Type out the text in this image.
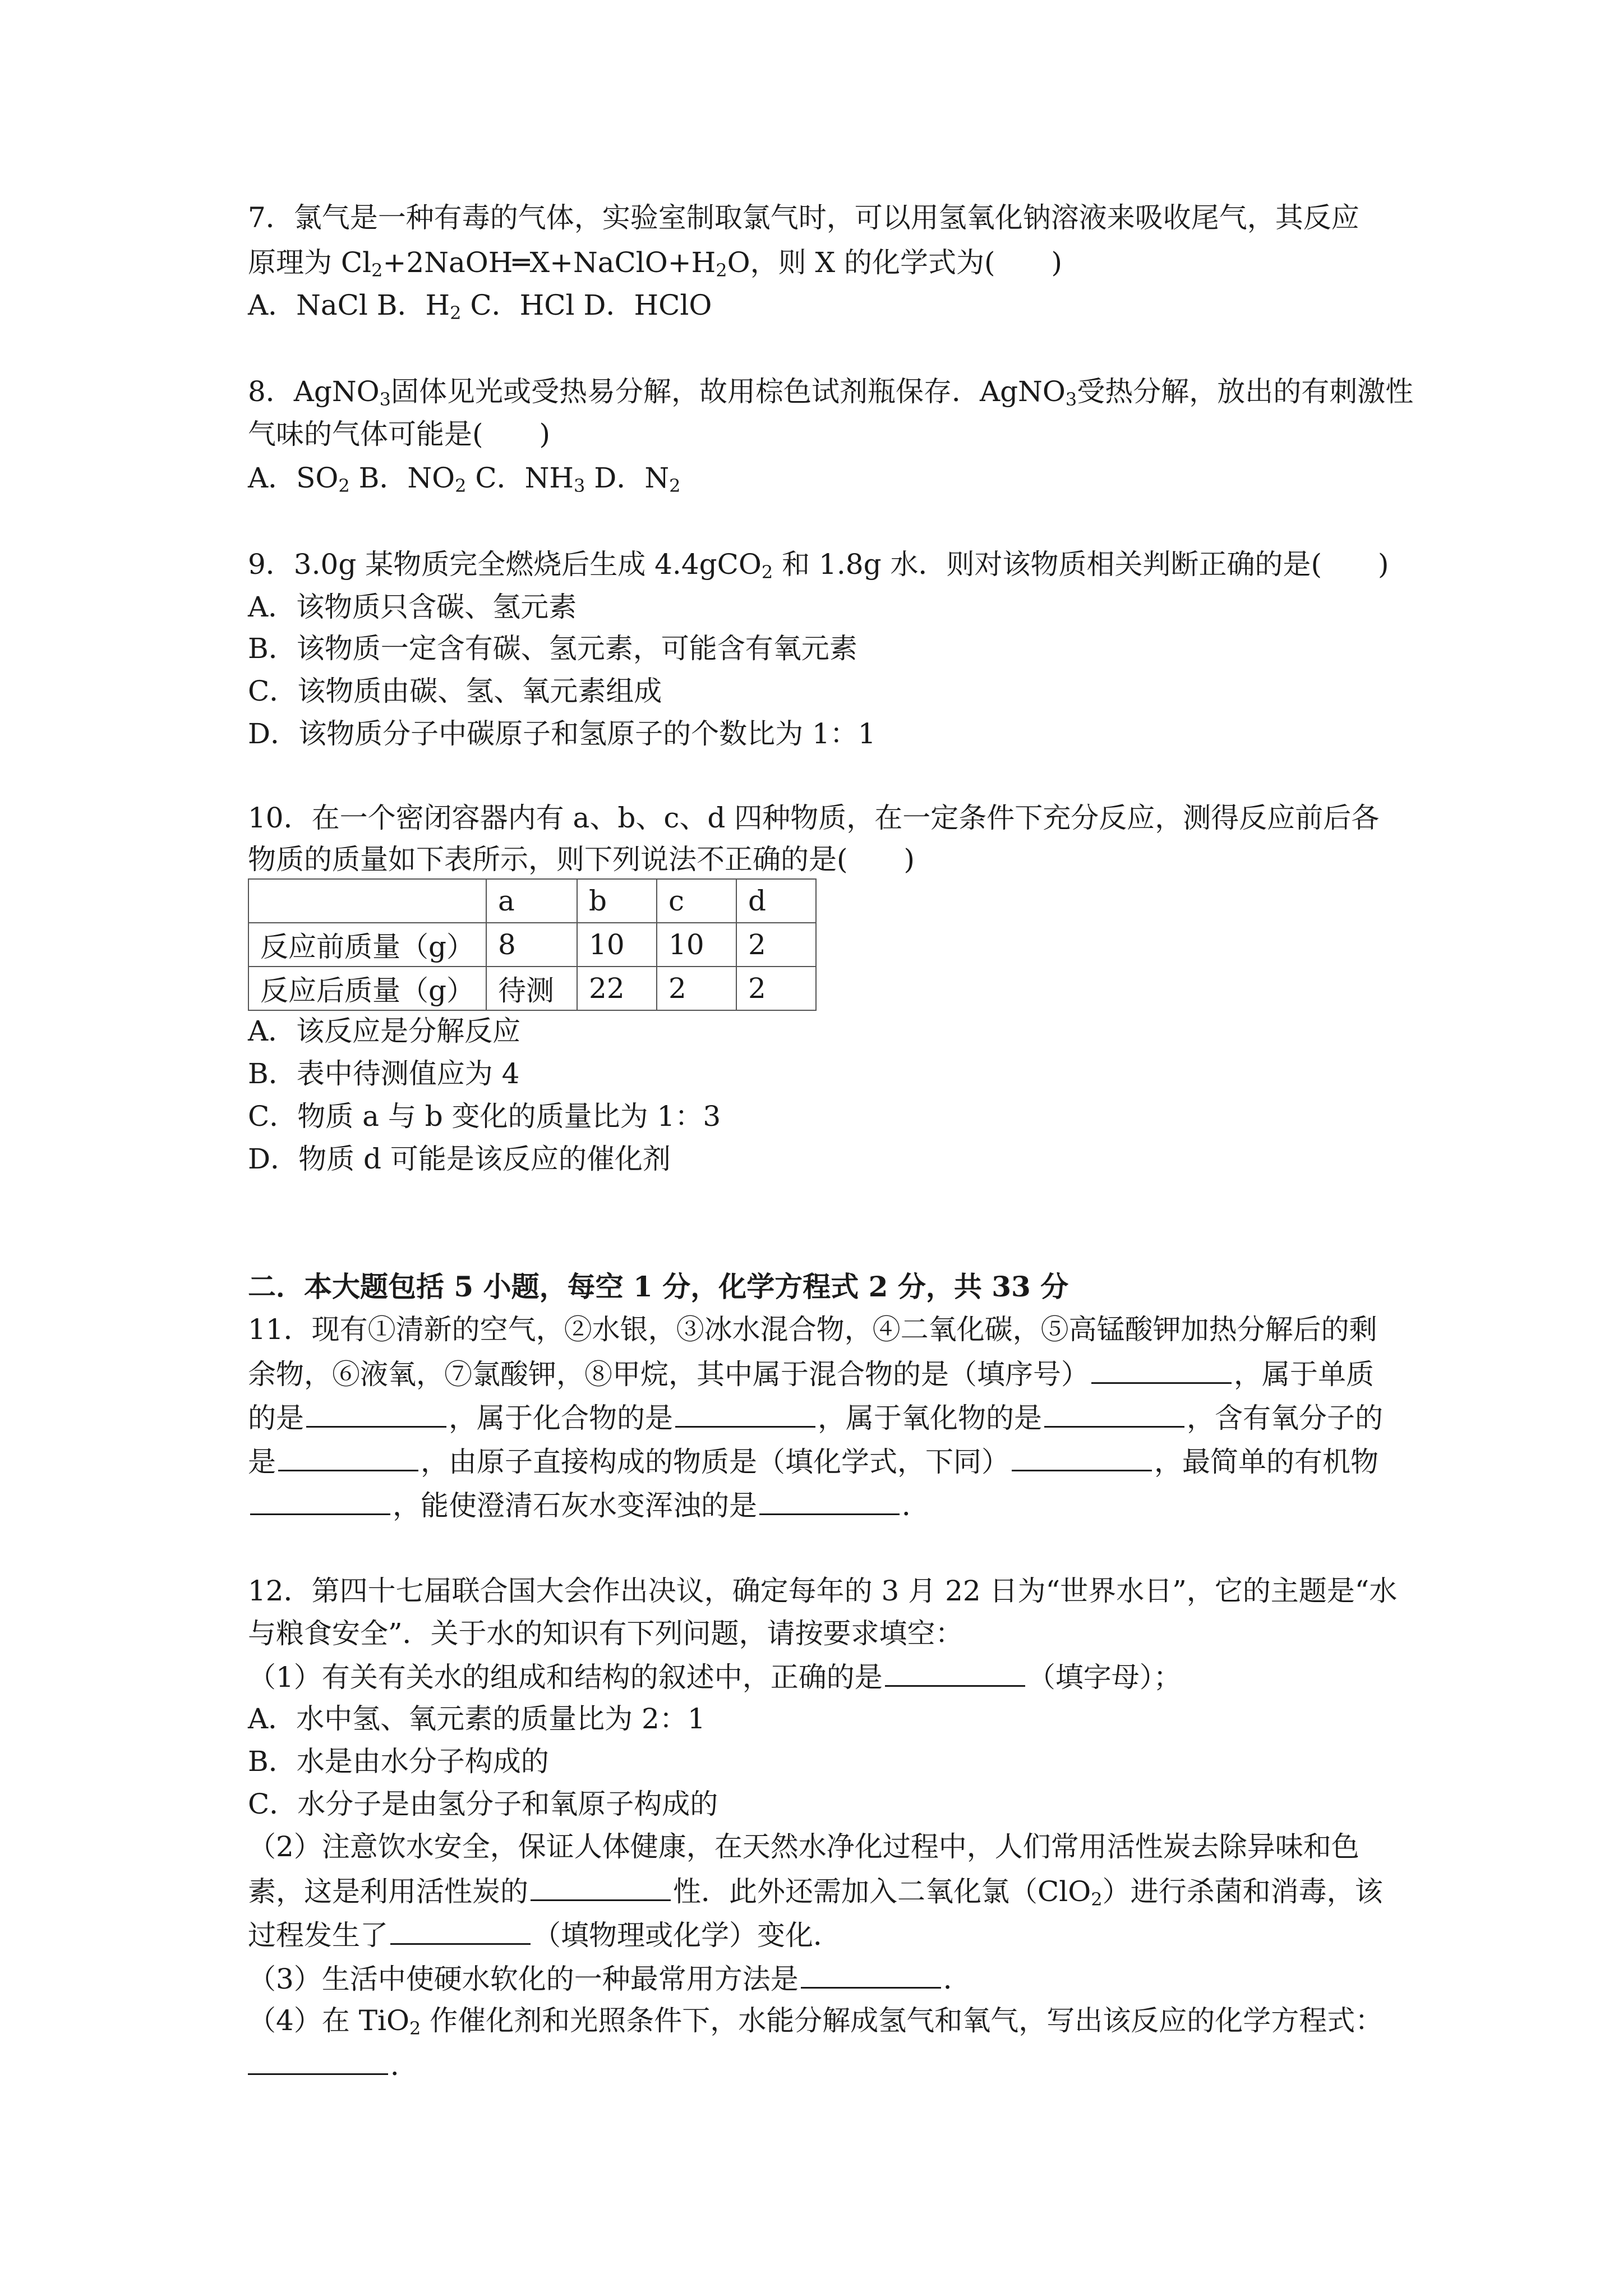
7．氯气是一种有毒的气体，实验室制取氯气时，可以用氢氧化钠溶液来吸收尾气，其反应
原理为 $Cl_2+2NaOH═X+NaClO+H_2O$，则 X 的化学式为(　　)
A．NaCl B．$H_2$ C．HCl D．HClO
8．AgNO$_3$固体见光或受热易分解，故用棕色试剂瓶保存．AgNO$_3$受热分解，放出的有刺激性
气味的气体可能是(　　)
A．$SO_2$ B．$NO_2$ C．$NH_3$ D．$N_2$
9．3.0g 某物质完全燃烧后生成 4.4gCO$_2$ 和 1.8g 水．则对该物质相关判断正确的是(　　)
A．该物质只含碳、氢元素
B．该物质一定含有碳、氢元素，可能含有氧元素
C．该物质由碳、氢、氧元素组成
D．该物质分子中碳原子和氢原子的个数比为 1：1
10．在一个密闭容器内有 a、b、c、d 四种物质，在一定条件下充分反应，测得反应前后各
物质的质量如下表所示，则下列说法不正确的是(　　)
	a	b	c	d
反应前质量（g）	8	10	10	2
反应后质量（g）	待测	22	2	2
A．该反应是分解反应
B．表中待测值应为 4
C．物质 a 与 b 变化的质量比为 1：3
D．物质 d 可能是该反应的催化剂
二．本大题包括 5 小题，每空 1 分，化学方程式 2 分，共 33 分
11．现有①清新的空气，②水银，③冰水混合物，④二氧化碳，⑤高锰酸钾加热分解后的剩
余物，⑥液氧，⑦氯酸钾，⑧甲烷，其中属于混合物的是（填序号）	，属于单质
的是	，属于化合物的是	，属于氧化物的是	，含有氧分子的
是	，由原子直接构成的物质是（填化学式，下同）	，最简单的有机物
，能使澄清石灰水变浑浊的是	．
12．第四十七届联合国大会作出决议，确定每年的 3 月 22 日为“世界水日”，它的主题是“水
与粮食安全”．关于水的知识有下列问题，请按要求填空：
（1）有关有关水的组成和结构的叙述中，正确的是	（填字母）；
A．水中氢、氧元素的质量比为 2：1
B．水是由水分子构成的
C．水分子是由氢分子和氧原子构成的
（2）注意饮水安全，保证人体健康，在天然水净化过程中，人们常用活性炭去除异味和色
素，这是利用活性炭的	性．此外还需加入二氧化氯（ClO$_2$）进行杀菌和消毒，该
过程发生了	（填物理或化学）变化．
（3）生活中使硬水软化的一种最常用方法是	．
（4）在 TiO$_2$ 作催化剂和光照条件下，水能分解成氢气和氧气，写出该反应的化学方程式：
．
